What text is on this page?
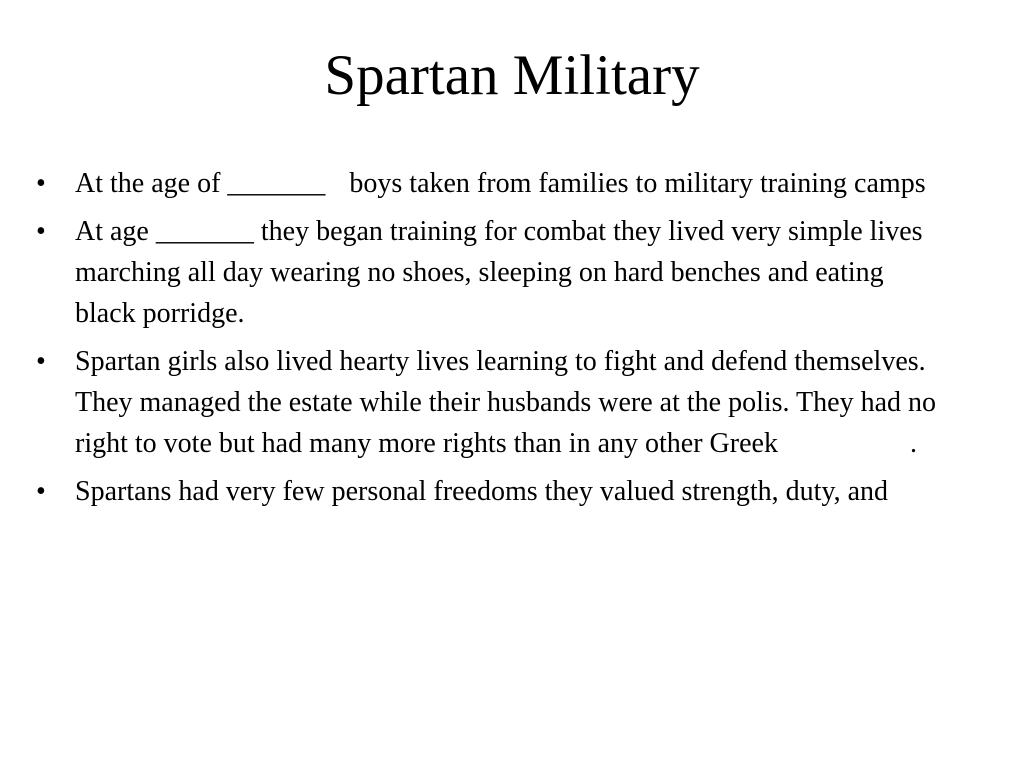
Spartan Military
•	At the age of _______ boys taken from families to military training camps
•	At age _______ they began training for combat they lived very simple lives marching all day wearing no shoes, sleeping on hard benches and eating black porridge.
•	Spartan girls also lived hearty lives learning to fight and defend themselves. They managed the estate while their husbands were at the polis. They had no right to vote but had many more rights than in any other Greek	.
•	Spartans had very few personal freedoms they valued strength, duty, and
